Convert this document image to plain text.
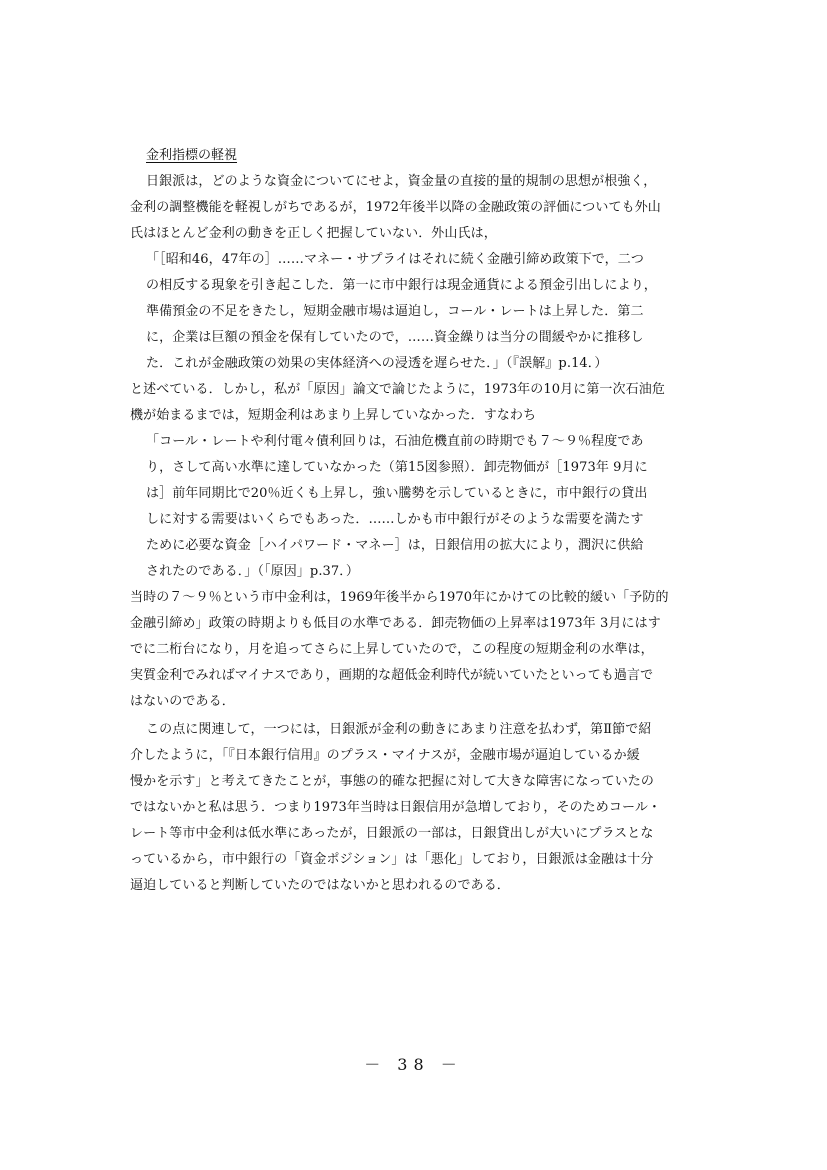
金利指標の軽視
日銀派は，どのような資金についてにせよ，資金量の直接的量的規制の思想が根強く，
金利の調整機能を軽視しがちであるが，1972年後半以降の金融政策の評価についても外山
氏はほとんど金利の動きを正しく把握していない．外山氏は，
「［昭和46，47年の］……マネー・サプライはそれに続く金融引締め政策下で，二つ
の相反する現象を引き起こした．第一に市中銀行は現金通貨による預金引出しにより，
準備預金の不足をきたし，短期金融市場は逼迫し，コール・レートは上昇した．第二
に，企業は巨額の預金を保有していたので，……資金繰りは当分の間緩やかに推移し
た．これが金融政策の効果の実体経済への浸透を遅らせた．」（『誤解』p.14．）
と述べている．しかし，私が「原因」論文で論じたように，1973年の10月に第一次石油危
機が始まるまでは，短期金利はあまり上昇していなかった．すなわち
「コール・レートや利付電々債利回りは，石油危機直前の時期でも７～９％程度であ
り，さして高い水準に達していなかった（第15図参照）．卸売物価が［1973年 9月に
は］前年同期比で20％近くも上昇し，強い騰勢を示しているときに，市中銀行の貸出
しに対する需要はいくらでもあった．……しかも市中銀行がそのような需要を満たす
ために必要な資金［ハイパワード・マネー］は，日銀信用の拡大により，潤沢に供給
されたのである．」（「原因」p.37．）
当時の７～９％という市中金利は，1969年後半から1970年にかけての比較的緩い「予防的
金融引締め」政策の時期よりも低目の水準である．卸売物価の上昇率は1973年 3月にはす
でに二桁台になり，月を追ってさらに上昇していたので，この程度の短期金利の水準は，
実質金利でみればマイナスであり，画期的な超低金利時代が続いていたといっても過言で
はないのである．
この点に関連して，一つには，日銀派が金利の動きにあまり注意を払わず，第Ⅱ節で紹
介したように，「『日本銀行信用』のプラス・マイナスが，金融市場が逼迫しているか緩
慢かを示す」と考えてきたことが，事態の的確な把握に対して大きな障害になっていたの
ではないかと私は思う．つまり1973年当時は日銀信用が急増しており，そのためコール・
レート等市中金利は低水準にあったが，日銀派の一部は，日銀貸出しが大いにプラスとな
っているから，市中銀行の「資金ポジション」は「悪化」しており，日銀派は金融は十分
逼迫していると判断していたのではないかと思われるのである．
－ 38 －
